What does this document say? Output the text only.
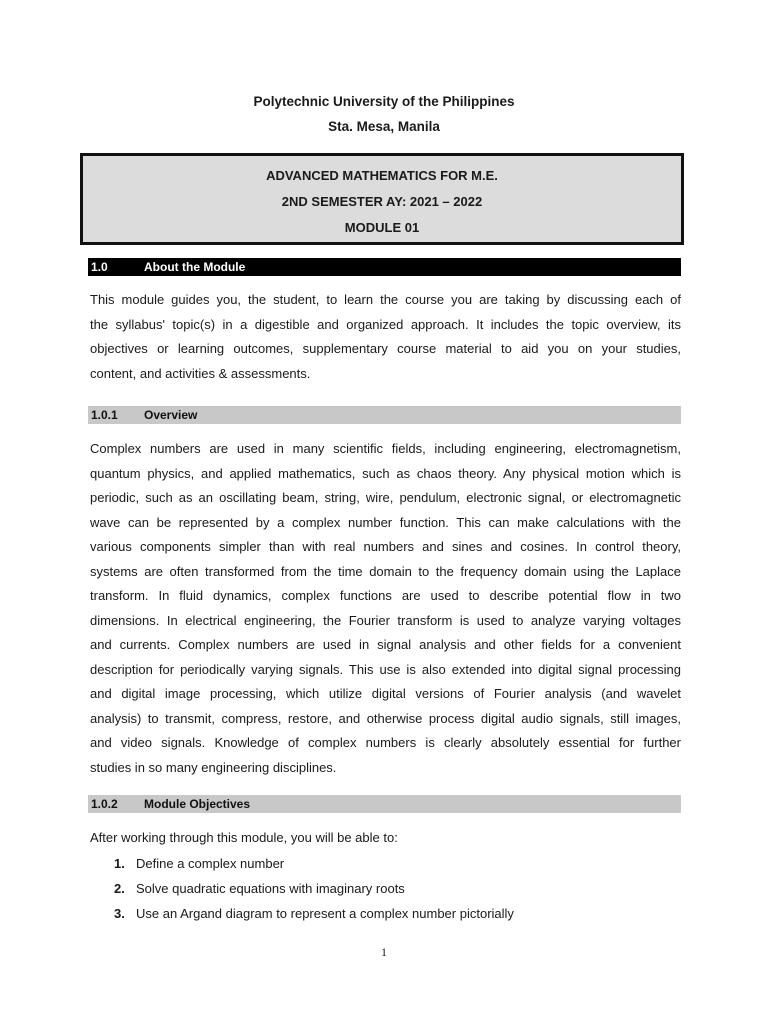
Polytechnic University of the Philippines
Sta. Mesa, Manila
ADVANCED MATHEMATICS FOR M.E.
2ND SEMESTER AY: 2021 – 2022
MODULE 01
1.0	About the Module
This module guides you, the student, to learn the course you are taking by discussing each of
the syllabus' topic(s) in a digestible and organized approach. It includes the topic overview, its
objectives or learning outcomes, supplementary course material to aid you on your studies,
content, and activities & assessments.
1.0.1 Overview
Complex numbers are used in many scientific fields, including engineering, electromagnetism,
quantum physics, and applied mathematics, such as chaos theory. Any physical motion which is
periodic, such as an oscillating beam, string, wire, pendulum, electronic signal, or electromagnetic
wave can be represented by a complex number function. This can make calculations with the
various components simpler than with real numbers and sines and cosines. In control theory,
systems are often transformed from the time domain to the frequency domain using the Laplace
transform. In fluid dynamics, complex functions are used to describe potential flow in two
dimensions. In electrical engineering, the Fourier transform is used to analyze varying voltages
and currents. Complex numbers are used in signal analysis and other fields for a convenient
description for periodically varying signals. This use is also extended into digital signal processing
and digital image processing, which utilize digital versions of Fourier analysis (and wavelet
analysis) to transmit, compress, restore, and otherwise process digital audio signals, still images,
and video signals. Knowledge of complex numbers is clearly absolutely essential for further
studies in so many engineering disciplines.
1.0.2 Module Objectives
After working through this module, you will be able to:
1. Define a complex number
2. Solve quadratic equations with imaginary roots
3. Use an Argand diagram to represent a complex number pictorially
1
